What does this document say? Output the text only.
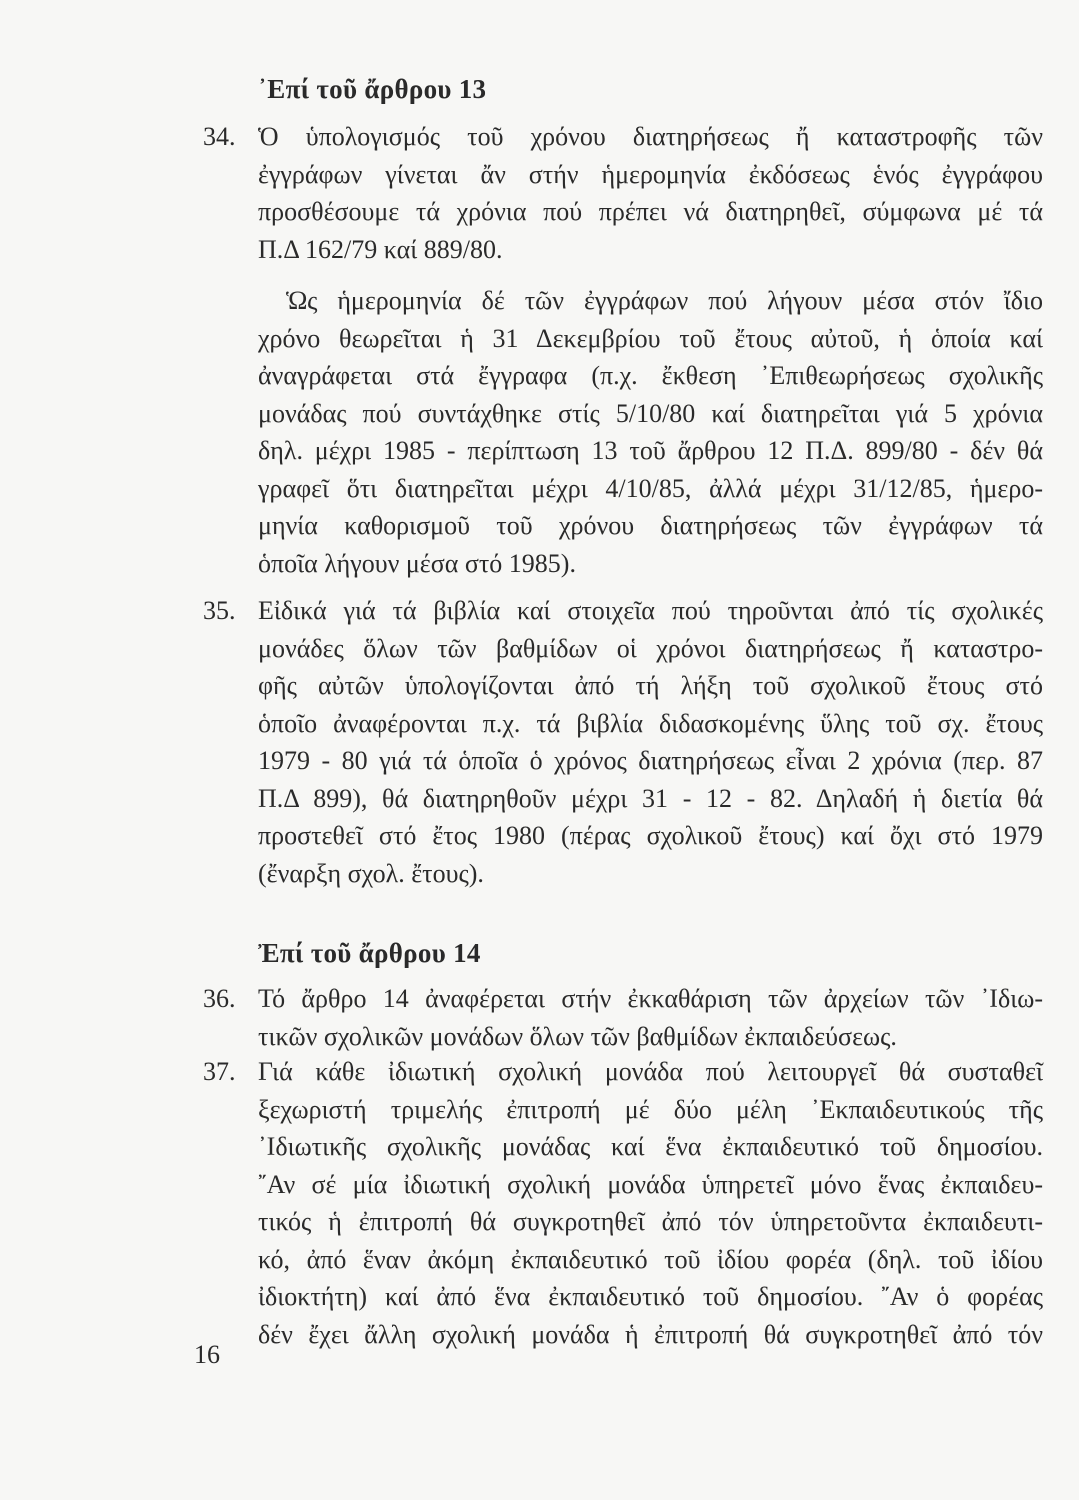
᾿Επί τοῦ ἄρθρου 13
34. Ὁ ὑπολογισμός τοῦ χρόνου διατηρήσεως ἤ καταστροφῆς τῶν
ἐγγράφων γίνεται ἄν στήν ἡμερομηνία ἐκδόσεως ἑνός ἐγγράφου
προσθέσουμε τά χρόνια πού πρέπει νά διατηρηθεῖ, σύμφωνα μέ τά
Π.Δ 162/79 καί 889/80.
Ὡς ἡμερομηνία δέ τῶν ἐγγράφων πού λήγουν μέσα στόν ἴδιο
χρόνο θεωρεῖται ἡ 31 Δεκεμβρίου τοῦ ἔτους αὐτοῦ, ἡ ὁποία καί
ἀναγράφεται στά ἔγγραφα (π.χ. ἔκθεση ᾿Επιθεωρήσεως σχολικῆς
μονάδας πού συντάχθηκε στίς 5/10/80 καί διατηρεῖται γιά 5 χρόνια
δηλ. μέχρι 1985 - περίπτωση 13 τοῦ ἄρθρου 12 Π.Δ. 899/80 - δέν θά
γραφεῖ ὅτι διατηρεῖται μέχρι 4/10/85, ἀλλά μέχρι 31/12/85, ἡμερο-
μηνία καθορισμοῦ τοῦ χρόνου διατηρήσεως τῶν ἐγγράφων τά
ὁποῖα λήγουν μέσα στό 1985).
35. Εἰδικά γιά τά βιβλία καί στοιχεῖα πού τηροῦνται ἀπό τίς σχολικές
μονάδες ὅλων τῶν βαθμίδων οἱ χρόνοι διατηρήσεως ἤ καταστρο-
φῆς αὐτῶν ὑπολογίζονται ἀπό τή λήξη τοῦ σχολικοῦ ἔτους στό
ὁποῖο ἀναφέρονται π.χ. τά βιβλία διδασκομένης ὕλης τοῦ σχ. ἔτους
1979 - 80 γιά τά ὁποῖα ὁ χρόνος διατηρήσεως εἶναι 2 χρόνια (περ. 87
Π.Δ 899), θά διατηρηθοῦν μέχρι 31 - 12 - 82. Δηλαδή ἡ διετία θά
προστεθεῖ στό ἔτος 1980 (πέρας σχολικοῦ ἔτους) καί ὄχι στό 1979
(ἔναρξη σχολ. ἔτους).
Ἐπί τοῦ ἄρθρου 14
36. Τό ἄρθρο 14 ἀναφέρεται στήν ἐκκαθάριση τῶν ἀρχείων τῶν ᾿Ιδιω-
τικῶν σχολικῶν μονάδων ὅλων τῶν βαθμίδων ἐκπαιδεύσεως.
37. Γιά κάθε ἰδιωτική σχολική μονάδα πού λειτουργεῖ θά συσταθεῖ
ξεχωριστή τριμελής ἐπιτροπή μέ δύο μέλη ᾿Εκπαιδευτικούς τῆς
᾿Ιδιωτικῆς σχολικῆς μονάδας καί ἕνα ἐκπαιδευτικό τοῦ δημοσίου.
῎Αν σέ μία ἰδιωτική σχολική μονάδα ὑπηρετεῖ μόνο ἕνας ἐκπαιδευ-
τικός ἡ ἐπιτροπή θά συγκροτηθεῖ ἀπό τόν ὑπηρετοῦντα ἐκπαιδευτι-
κό, ἀπό ἕναν ἀκόμη ἐκπαιδευτικό τοῦ ἰδίου φορέα (δηλ. τοῦ ἰδίου
ἰδιοκτήτη) καί ἀπό ἕνα ἐκπαιδευτικό τοῦ δημοσίου. ῎Αν ὁ φορέας
δέν ἔχει ἄλλη σχολική μονάδα ἡ ἐπιτροπή θά συγκροτηθεῖ ἀπό τόν
16
